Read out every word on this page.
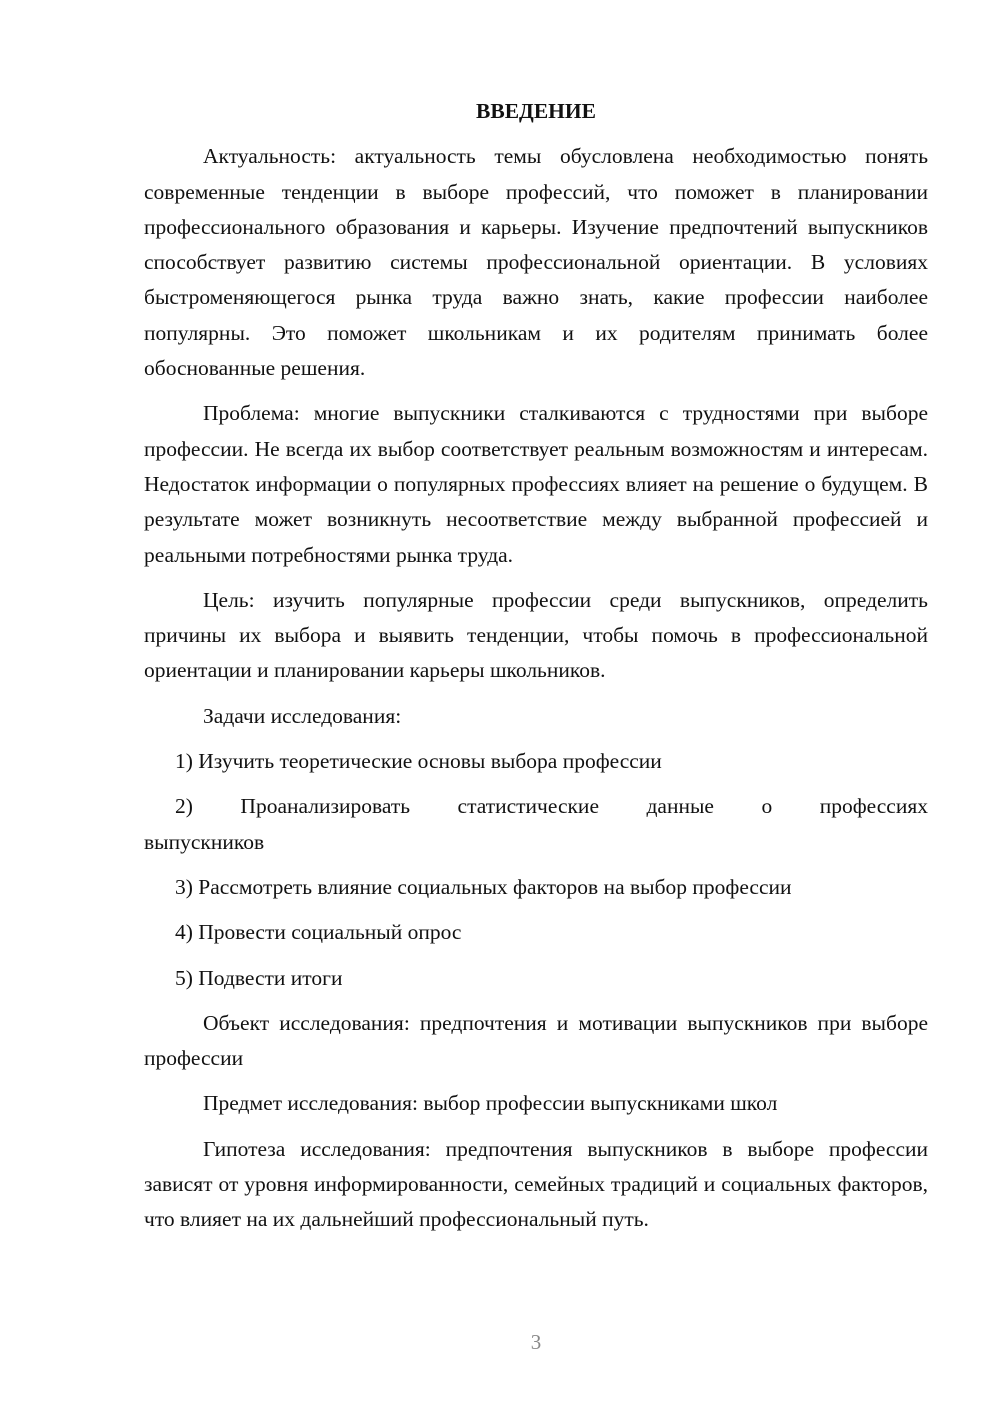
ВВЕДЕНИЕ

Актуальность: актуальность темы обусловлена необходимостью понять современные тенденции в выборе профессий, что поможет в планировании профессионального образования и карьеры. Изучение предпочтений выпускников способствует развитию системы профессиональной ориентации. В условиях быстроменяющегося рынка труда важно знать, какие профессии наиболее популярны. Это поможет школьникам и их родителям принимать более обоснованные решения.

Проблема: многие выпускники сталкиваются с трудностями при выборе профессии. Не всегда их выбор соответствует реальным возможностям и интересам. Недостаток информации о популярных профессиях влияет на решение о будущем. В результате может возникнуть несоответствие между выбранной профессией и реальными потребностями рынка труда.

Цель: изучить популярные профессии среди выпускников, определить причины их выбора и выявить тенденции, чтобы помочь в профессиональной ориентации и планировании карьеры школьников.

Задачи исследования:

1) Изучить теоретические основы выбора профессии

2) Проанализировать статистические данные о профессиях выпускников

3) Рассмотреть влияние социальных факторов на выбор профессии

4) Провести социальный опрос

5) Подвести итоги

Объект исследования: предпочтения и мотивации выпускников при выборе профессии

Предмет исследования: выбор профессии выпускниками школ

Гипотеза исследования: предпочтения выпускников в выборе профессии зависят от уровня информированности, семейных традиций и социальных факторов, что влияет на их дальнейший профессиональный путь.

3
